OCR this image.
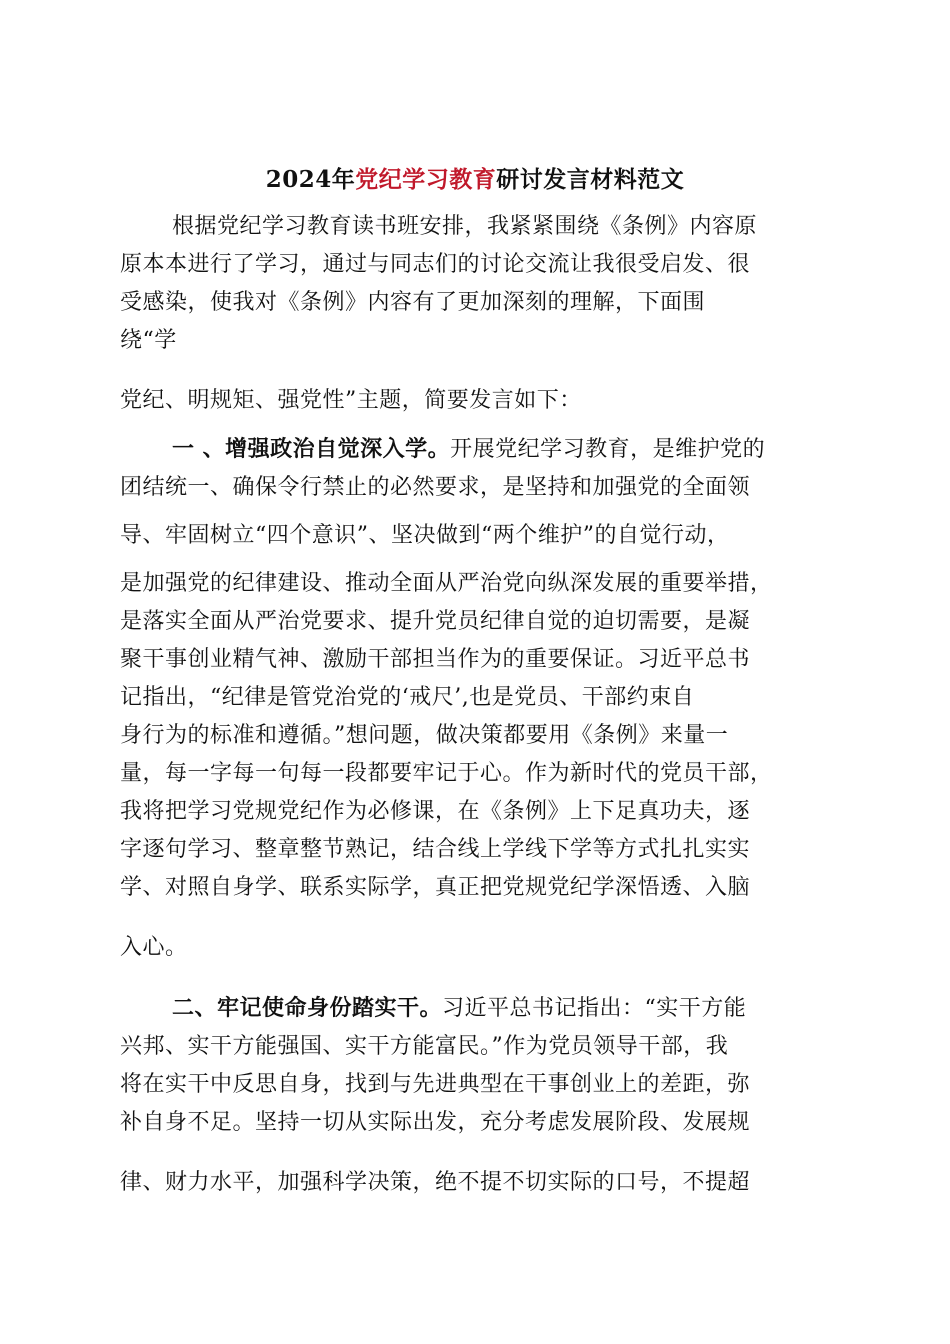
2024年党纪学习教育研讨发言材料范文
根据党纪学习教育读书班安排，我紧紧围绕《条例》内容原
原本本进行了学习，通过与同志们的讨论交流让我很受启发、很
受感染，使我对《条例》内容有了更加深刻的理解，下面围
绕“学
党纪、明规矩、强党性”主题，简要发言如下：
一 、增强政治自觉深入学。开展党纪学习教育，是维护党的
团结统一、确保令行禁止的必然要求，是坚持和加强党的全面领
导、牢固树立“四个意识”、坚决做到“两个维护”的自觉行动，
是加强党的纪律建设、推动全面从严治党向纵深发展的重要举措，
是落实全面从严治党要求、提升党员纪律自觉的迫切需要，是凝
聚干事创业精气神、激励干部担当作为的重要保证。习近平总书
记指出，“纪律是管党治党的‘戒尺’,也是党员、干部约束自
身行为的标准和遵循。”想问题，做决策都要用《条例》来量一
量，每一字每一句每一段都要牢记于心。作为新时代的党员干部，
我将把学习党规党纪作为必修课，在《条例》上下足真功夫，逐
字逐句学习、整章整节熟记，结合线上学线下学等方式扎扎实实
学、对照自身学、联系实际学，真正把党规党纪学深悟透、入脑
入心。
二、牢记使命身份踏实干。习近平总书记指出：“实干方能
兴邦、实干方能强国、实干方能富民。”作为党员领导干部，我
将在实干中反思自身，找到与先进典型在干事创业上的差距，弥
补自身不足。坚持一切从实际出发，充分考虑发展阶段、发展规
律、财力水平，加强科学决策，绝不提不切实际的口号，不提超
